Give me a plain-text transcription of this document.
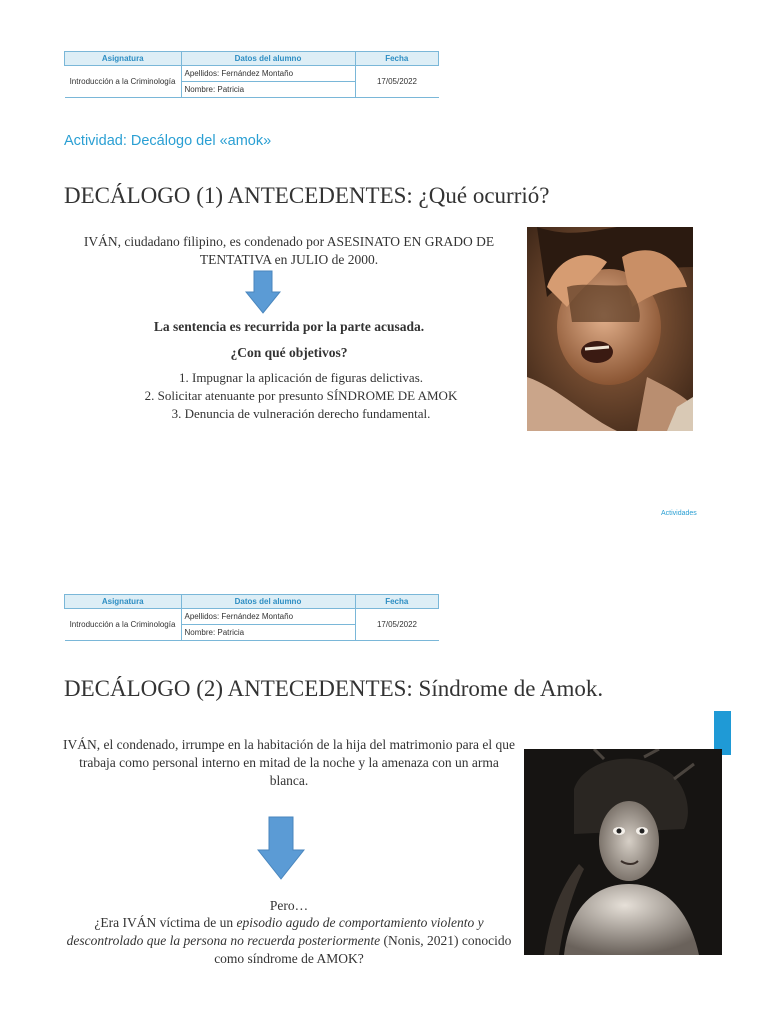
Asignatura	Datos del alumno	Fecha
Introducción a la Criminología	Apellidos: Fernández Montaño	17/05/2022
	Nombre: Patricia	
Actividad: Decálogo del «amok»
DECÁLOGO (1) ANTECEDENTES: ¿Qué ocurrió?
IVÁN, ciudadano filipino, es condenado por ASESINATO EN GRADO DE TENTATIVA en JULIO de 2000.
La sentencia es recurrida por la parte acusada.
¿Con qué objetivos?
1. Impugnar la aplicación de figuras delictivas.
2. Solicitar atenuante por presunto SÍNDROME DE AMOK
3. Denuncia de vulneración derecho fundamental.
Actividades
Asignatura	Datos del alumno	Fecha
Introducción a la Criminología	Apellidos: Fernández Montaño	17/05/2022
	Nombre: Patricia	
DECÁLOGO (2) ANTECEDENTES: Síndrome de Amok.
IVÁN, el condenado, irrumpe en la habitación de la hija del matrimonio para el que trabaja como personal interno en mitad de la noche y la amenaza con un arma blanca.
Pero…
¿Era IVÁN víctima de un episodio agudo de comportamiento violento y descontrolado que la persona no recuerda posteriormente (Nonis, 2021) conocido como síndrome de AMOK?
